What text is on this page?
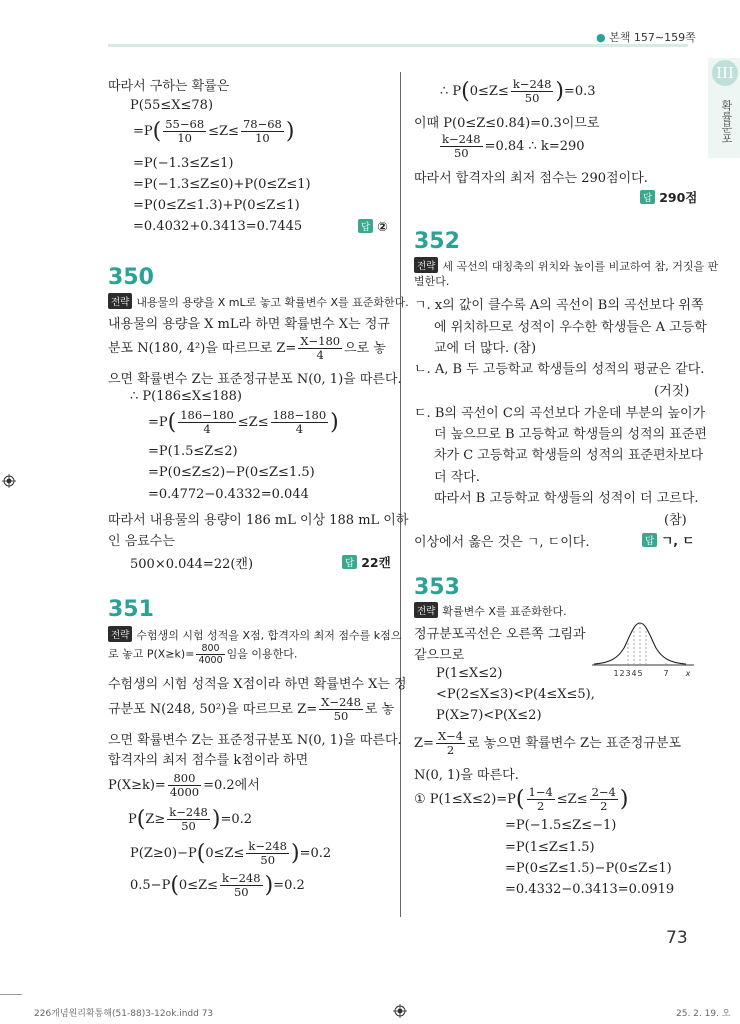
● 본책 157∼159쪽
III
확률분포
따라서 구하는 확률은
P(55≤X≤78)
$=P( \frac{55-68}{10} \le Z\le \frac{78-68}{10}$ )
=P(−1.3≤Z≤1)
=P(−1.3≤Z≤0)+P(0≤Z≤1)
=P(0≤Z≤1.3)+P(0≤Z≤1)
=0.4032+0.3413=0.7445	답 ②
350
전략 내용물의 용량을 X mL로 놓고 확률변수 X를 표준화한다.
내용물의 용량을 X mL라 하면 확률변수 X는 정규
분포 N(180, 4²)을 따르므로 $Z= \frac{X-180}{4}$ 으로 놓
으면 확률변수 Z는 표준정규분포 N(0, 1)을 따른다.
∴ P(186≤X≤188)
$=P( \frac{186-180}{4} \le Z\le \frac{188-180}{4}$ )
=P(1.5≤Z≤2)
=P(0≤Z≤2)−P(0≤Z≤1.5)
=0.4772−0.4332=0.044
따라서 내용물의 용량이 186 mL 이상 188 mL 이하
인 음료수는
500×0.044=22(캔)	답 22캔
351
전략 수험생의 시험 성적을 X점, 합격자의 최저 점수를 k점으
로 놓고 $P(X\ge k)= \frac{800}{4000}$ 임을 이용한다.
수험생의 시험 성적을 X점이라 하면 확률변수 X는 정
규분포 N(248, 50²)을 따르므로 $Z= \frac{X-248}{50}$ 로 놓
으면 확률변수 Z는 표준정규분포 N(0, 1)을 따른다.
합격자의 최저 점수를 k점이라 하면
$P(X\ge k)= \frac{800}{4000} =0.2$에서
$P(Z\ge \frac{k-248}{50} )=0.2$
$P(Z\ge 0)-P(0\le Z\le \frac{k-248}{50} )=0.2$
$0.5-P(0\le Z\le \frac{k-248}{50} )=0.2$
∴ $P(0\le Z\le \frac{k-248}{50} )=0.3$
이때 P(0≤Z≤0.84)=0.3이므로
$\frac{k-248}{50} =0.84$ ∴ k=290
따라서 합격자의 최저 점수는 290점이다.
답 290점
352
전략 세 곡선의 대칭축의 위치와 높이를 비교하여 참, 거짓을 판
별한다.
ㄱ. x의 값이 클수록 A의 곡선이 B의 곡선보다 위쪽
에 위치하므로 성적이 우수한 학생들은 A 고등학
교에 더 많다. (참)
ㄴ. A, B 두 고등학교 학생들의 성적의 평균은 같다.
(거짓)
ㄷ. B의 곡선이 C의 곡선보다 가운데 부분의 높이가
더 높으므로 B 고등학교 학생들의 성적의 표준편
차가 C 고등학교 학생들의 성적의 표준편차보다
더 작다.
따라서 B 고등학교 학생들의 성적이 더 고르다.
(참)
이상에서 옳은 것은 ㄱ, ㄷ이다.	답 ㄱ, ㄷ
353
전략 확률변수 X를 표준화한다.
정규분포곡선은 오른쪽 그림과
같으므로
P(1≤X≤2)
<P(2≤X≤3)<P(4≤X≤5),
P(X≥7)<P(X≤2)
$Z= \frac{X-4}{2}$ 로 놓으면 확률변수 Z는 표준정규분포
N(0, 1)을 따른다.
① $P(1\le X\le 2)=P( \frac{1-4}{2} \le Z\le \frac{2-4}{2}$ )
=P(−1.5≤Z≤−1)
=P(1≤Z≤1.5)
=P(0≤Z≤1.5)−P(0≤Z≤1)
=0.4332−0.3413=0.0919
1 2 3 4 5	7 x
73
226개념원리확통해(51-88)3-12ok.indd 73	25. 2. 19. 오
